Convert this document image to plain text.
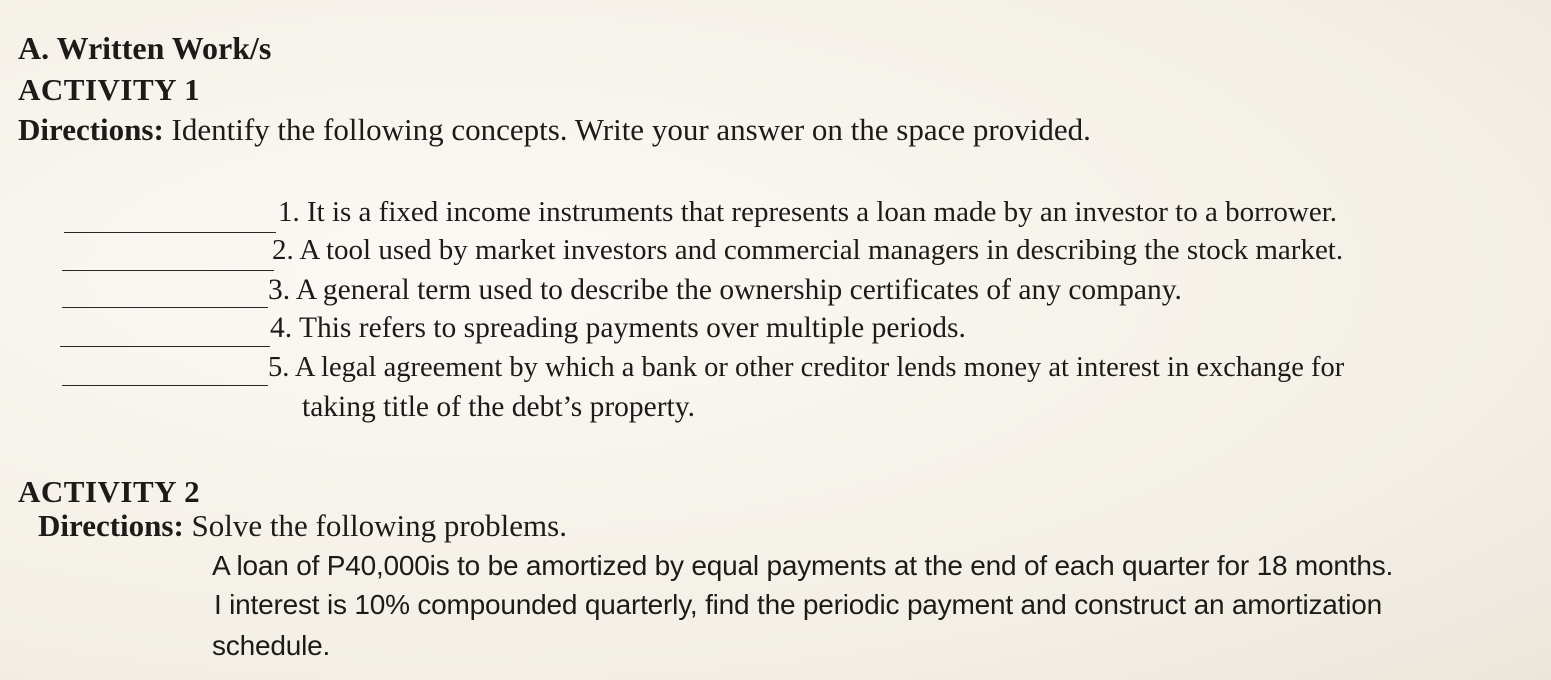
A. Written Work/s
ACTIVITY 1
Directions: Identify the following concepts. Write your answer on the space provided.
1. It is a fixed income instruments that represents a loan made by an investor to a borrower.
2. A tool used by market investors and commercial managers in describing the stock market.
3. A general term used to describe the ownership certificates of any company.
4. This refers to spreading payments over multiple periods.
5. A legal agreement by which a bank or other creditor lends money at interest in exchange for
taking title of the debt’s property.
ACTIVITY 2
Directions: Solve the following problems.
A loan of P40,000is to be amortized by equal payments at the end of each quarter for 18 months.
I interest is 10% compounded quarterly, find the periodic payment and construct an amortization
schedule.
